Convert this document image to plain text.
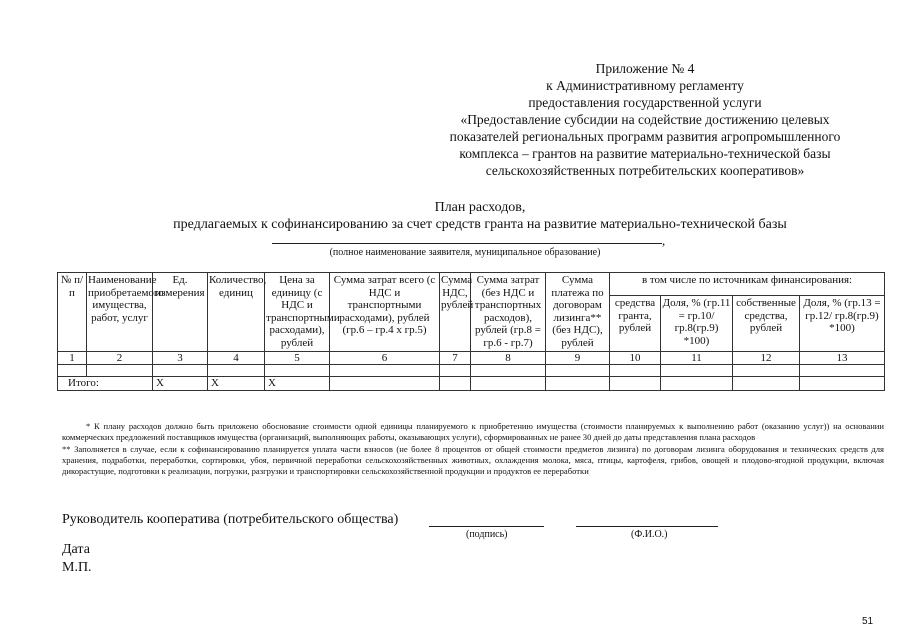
Приложение № 4
к Административному регламенту
предоставления государственной услуги
«Предоставление субсидии на содействие достижению целевых
показателей региональных программ развития агропромышленного
комплекса – грантов на развитие материально-технической базы
сельскохозяйственных потребительских кооперативов»
План расходов,
предлагаемых к софинансированию за счет средств гранта на развитие материально-технической базы
,
(полное наименование заявителя, муниципальное образование)
№ п/п	Наименование приобретаемого имущества, работ, услуг	Ед. измерения	Количество, единиц	Цена за единицу (с НДС и транспортными расходами), рублей	Сумма затрат всего (с НДС и транспортными расходами), рублей (гр.6 – гр.4 х гр.5)	Сумма НДС, рублей	Сумма затрат (без НДС и транспортных расходов), рублей (гр.8 = гр.6 - гр.7)	Сумма платежа по договорам лизинга** (без НДС), рублей	в том числе по источникам финансирования:			
									средства гранта, рублей	Доля, % (гр.11 = гр.10/ гр.8(гр.9) *100)	собственные средства, рублей	Доля, % (гр.13 = гр.12/ гр.8(гр.9) *100)
1	2	3	4	5	6	7	8	9	10	11	12	13

Итого:		Х	Х	Х								

* К плану расходов должно быть приложено обоснование стоимости одной единицы планируемого к приобретению имущества (стоимости планируемых к выполнению работ (оказанию услуг)) на основании коммерческих предложений поставщиков имущества (организаций, выполняющих работы, оказывающих услуги), сформированных не ранее 30 дней до даты представления плана расходов

** Заполняется в случае, если к софинансированию планируется уплата части взносов (не более 8 процентов от общей стоимости предметов лизинга) по договорам лизинга оборудования и технических средств для хранения, подработки, переработки, сортировки, убоя, первичной переработки сельскохозяйственных животных, охлаждения молока, мяса, птицы, картофеля, грибов, овощей и плодово-ягодной продукции, включая дикорастущие, подготовки к реализации, погрузки, разгрузки и транспортировки сельскохозяйственной продукции и продуктов ее переработки

Руководитель кооператива (потребительского общества)
(подпись)	(Ф.И.О.)
Дата
М.П.
51
